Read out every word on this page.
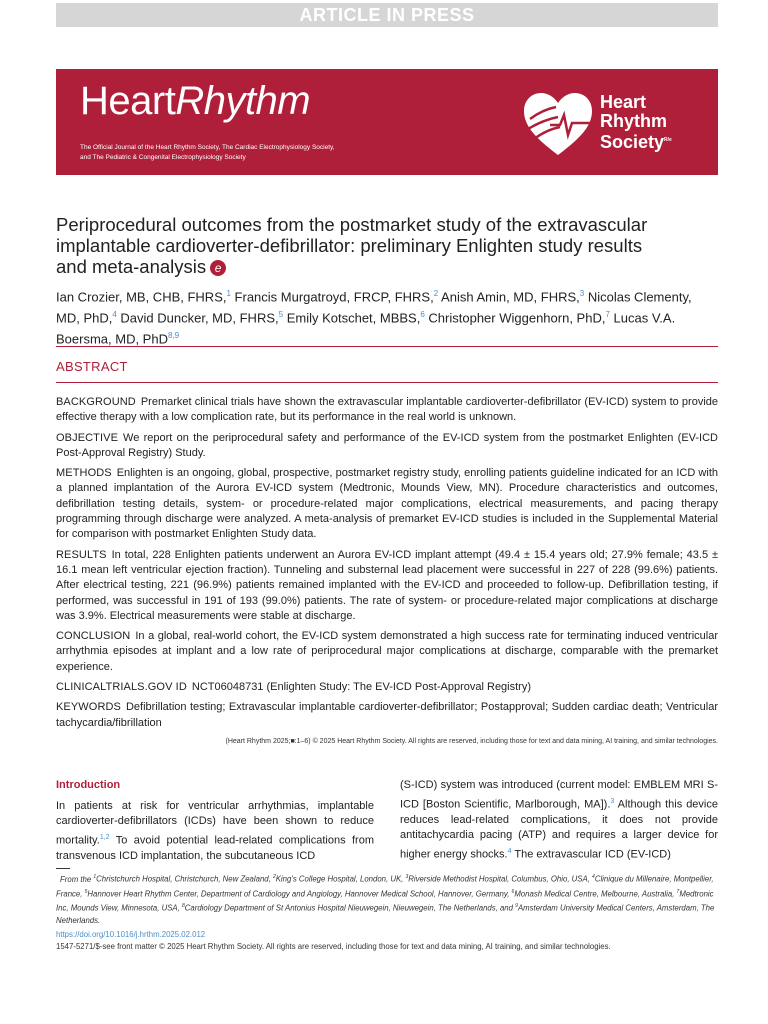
ARTICLE IN PRESS
HeartRhythm
The Official Journal of the Heart Rhythm Society, The Cardiac Electrophysiology Society,
and The Pediatric & Congenital Electrophysiology Society
Heart
Rhythm
Society$^{R/e}$
Periprocedural outcomes from the postmarket study of the extravascular implantable cardioverter-defibrillator: preliminary Enlighten study results and meta-analysis e
Ian Crozier, MB, CHB, FHRS,$^1$ Francis Murgatroyd, FRCP, FHRS,$^2$ Anish Amin, MD, FHRS,$^3$ Nicolas Clementy, MD, PhD,$^4$ David Duncker, MD, FHRS,$^5$ Emily Kotschet, MBBS,$^6$ Christopher Wiggenhorn, PhD,$^7$ Lucas V.A. Boersma, MD, PhD$^{8,9}$
ABSTRACT

BACKGROUND Premarket clinical trials have shown the extravascular implantable cardioverter-defibrillator (EV-ICD) system to provide effective therapy with a low complication rate, but its performance in the real world is unknown.

OBJECTIVE We report on the periprocedural safety and performance of the EV-ICD system from the postmarket Enlighten (EV-ICD Post-Approval Registry) Study.

METHODS Enlighten is an ongoing, global, prospective, postmarket registry study, enrolling patients guideline indicated for an ICD with a planned implantation of the Aurora EV-ICD system (Medtronic, Mounds View, MN). Procedure characteristics and outcomes, defibrillation testing details, system- or procedure-related major complications, electrical measurements, and pacing therapy programming through discharge were analyzed. A meta-analysis of premarket EV-ICD studies is included in the Supplemental Material for comparison with postmarket Enlighten Study data.

RESULTS In total, 228 Enlighten patients underwent an Aurora EV-ICD implant attempt (49.4 ± 15.4 years old; 27.9% female; 43.5 ± 16.1 mean left ventricular ejection fraction). Tunneling and substernal lead placement were successful in 227 of 228 (99.6%) patients. After electrical testing, 221 (96.9%) patients remained implanted with the EV-ICD and proceeded to follow-up. Defibrillation testing, if performed, was successful in 191 of 193 (99.0%) patients. The rate of system- or procedure-related major complications at discharge was 3.9%. Electrical measurements were stable at discharge.

CONCLUSION In a global, real-world cohort, the EV-ICD system demonstrated a high success rate for terminating induced ventricular arrhythmia episodes at implant and a low rate of periprocedural major complications at discharge, comparable with the premarket experience.

CLINICALTRIALS.GOV ID NCT06048731 (Enlighten Study: The EV-ICD Post-Approval Registry)

KEYWORDS Defibrillation testing; Extravascular implantable cardioverter-defibrillator; Postapproval; Sudden cardiac death; Ventricular tachycardia/fibrillation

(Heart Rhythm 2025;■:1–6) © 2025 Heart Rhythm Society. All rights are reserved, including those for text and data mining, AI training, and similar technologies.
Introduction

In patients at risk for ventricular arrhythmias, implantable cardioverter-defibrillators (ICDs) have been shown to reduce mortality.$^{1,2}$ To avoid potential lead-related complications from transvenous ICD implantation, the subcutaneous ICD

(S-ICD) system was introduced (current model: EMBLEM MRI S-ICD [Boston Scientific, Marlborough, MA]).$^3$ Although this device reduces lead-related complications, it does not provide antitachycardia pacing (ATP) and requires a larger device for higher energy shocks.$^4$ The extravascular ICD (EV-ICD)

From the $^1$Christchurch Hospital, Christchurch, New Zealand, $^2$King's College Hospital, London, UK, $^3$Riverside Methodist Hospital, Columbus, Ohio, USA, $^4$Clinique du Millenaire, Montpellier, France, $^5$Hannover Heart Rhythm Center, Department of Cardiology and Angiology, Hannover Medical School, Hannover, Germany, $^6$Monash Medical Centre, Melbourne, Australia, $^7$Medtronic Inc, Mounds View, Minnesota, USA, $^8$Cardiology Department of St Antonius Hospital Nieuwegein, Nieuwegein, The Netherlands, and $^9$Amsterdam University Medical Centers, Amsterdam, The Netherlands.
https://doi.org/10.1016/j.hrthm.2025.02.012
1547-5271/$-see front matter © 2025 Heart Rhythm Society. All rights are reserved, including those for text and data mining, AI training, and similar technologies.
